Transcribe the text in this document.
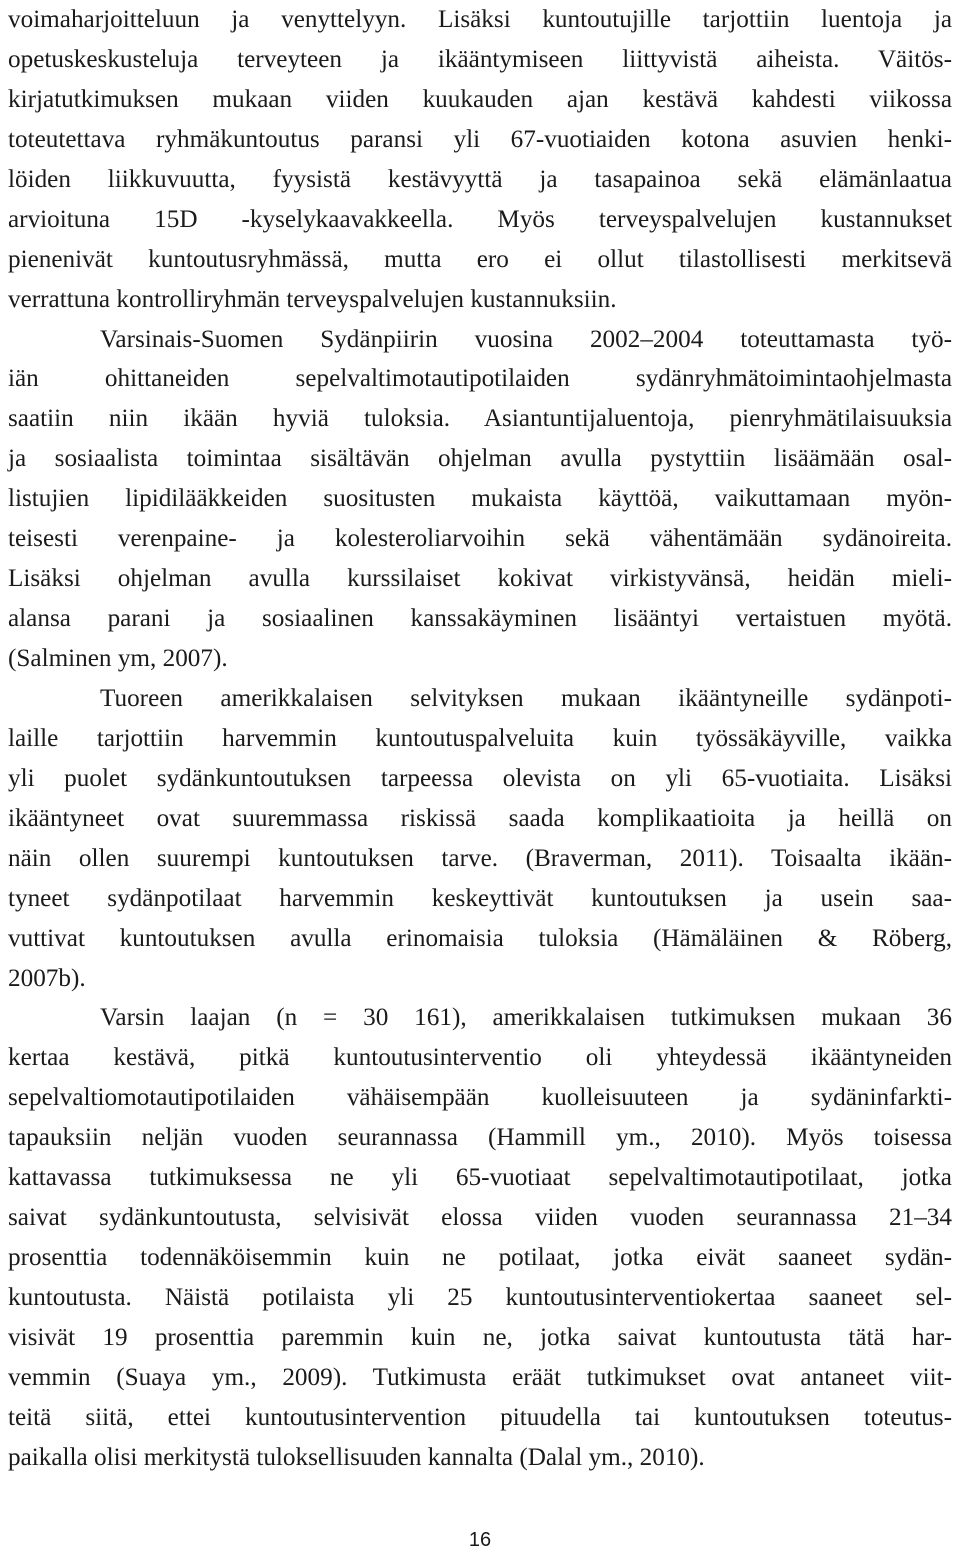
voimaharjoitteluun ja venyttelyyn. Lisäksi kuntoutujille tarjottiin luentoja ja
opetuskeskusteluja terveyteen ja ikääntymiseen liittyvistä aiheista. Väitös-
kirjatutkimuksen mukaan viiden kuukauden ajan kestävä kahdesti viikossa
toteutettava ryhmäkuntoutus paransi yli 67-vuotiaiden kotona asuvien henki-
löiden liikkuvuutta, fyysistä kestävyyttä ja tasapainoa sekä elämänlaatua
arvioituna 15D -kyselykaavakkeella. Myös terveyspalvelujen kustannukset
pienenivät kuntoutusryhmässä, mutta ero ei ollut tilastollisesti merkitsevä
verrattuna kontrolliryhmän terveyspalvelujen kustannuksiin.
Varsinais-Suomen Sydänpiirin vuosina 2002–2004 toteuttamasta työ-
iän ohittaneiden sepelvaltimotautipotilaiden sydänryhmätoimintaohjelmasta
saatiin niin ikään hyviä tuloksia. Asiantuntijaluentoja, pienryhmätilaisuuksia
ja sosiaalista toimintaa sisältävän ohjelman avulla pystyttiin lisäämään osal-
listujien lipidilääkkeiden suositusten mukaista käyttöä, vaikuttamaan myön-
teisesti verenpaine- ja kolesteroliarvoihin sekä vähentämään sydänoireita.
Lisäksi ohjelman avulla kurssilaiset kokivat virkistyvänsä, heidän mieli-
alansa parani ja sosiaalinen kanssakäyminen lisääntyi vertaistuen myötä.
(Salminen ym, 2007).
Tuoreen amerikkalaisen selvityksen mukaan ikääntyneille sydänpoti-
laille tarjottiin harvemmin kuntoutuspalveluita kuin työssäkäyville, vaikka
yli puolet sydänkuntoutuksen tarpeessa olevista on yli 65-vuotiaita. Lisäksi
ikääntyneet ovat suuremmassa riskissä saada komplikaatioita ja heillä on
näin ollen suurempi kuntoutuksen tarve. (Braverman, 2011). Toisaalta ikään-
tyneet sydänpotilaat harvemmin keskeyttivät kuntoutuksen ja usein saa-
vuttivat kuntoutuksen avulla erinomaisia tuloksia (Hämäläinen & Röberg,
2007b).
Varsin laajan (n = 30 161), amerikkalaisen tutkimuksen mukaan 36
kertaa kestävä, pitkä kuntoutusinterventio oli yhteydessä ikääntyneiden
sepelvaltiomotautipotilaiden vähäisempään kuolleisuuteen ja sydäninfarkti-
tapauksiin neljän vuoden seurannassa (Hammill ym., 2010). Myös toisessa
kattavassa tutkimuksessa ne yli 65-vuotiaat sepelvaltimotautipotilaat, jotka
saivat sydänkuntoutusta, selvisivät elossa viiden vuoden seurannassa 21–34
prosenttia todennäköisemmin kuin ne potilaat, jotka eivät saaneet sydän-
kuntoutusta. Näistä potilaista yli 25 kuntoutusinterventiokertaa saaneet sel-
visivät 19 prosenttia paremmin kuin ne, jotka saivat kuntoutusta tätä har-
vemmin (Suaya ym., 2009). Tutkimusta eräät tutkimukset ovat antaneet viit-
teitä siitä, ettei kuntoutusintervention pituudella tai kuntoutuksen toteutus-
paikalla olisi merkitystä tuloksellisuuden kannalta (Dalal ym., 2010).
16
